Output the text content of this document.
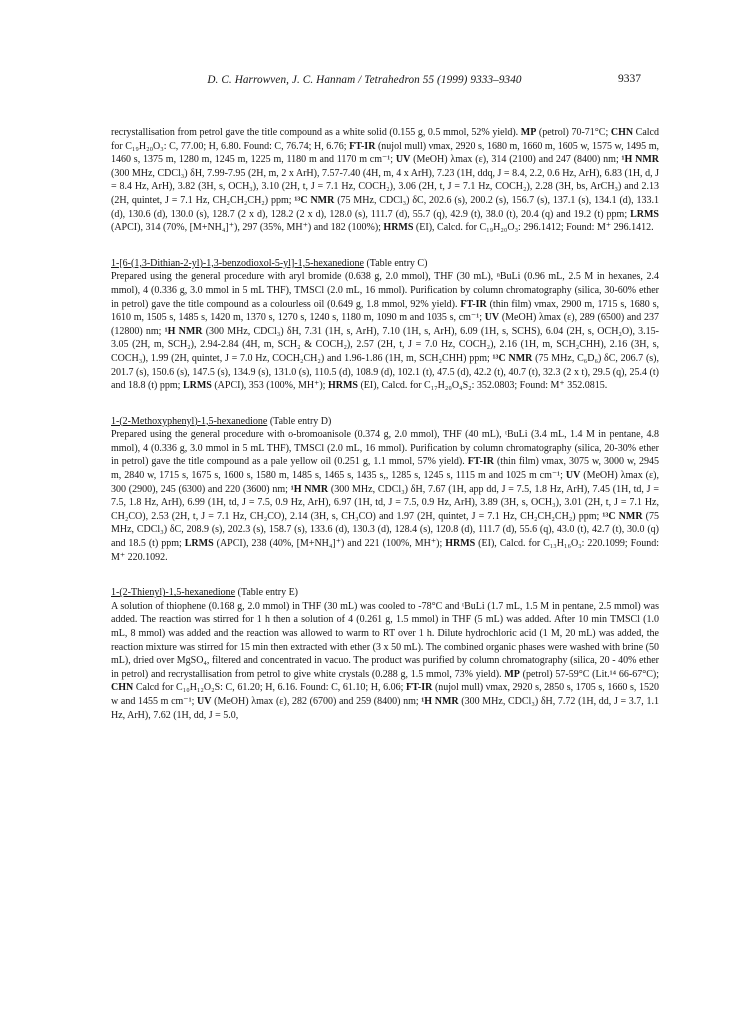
D. C. Harrowven, J. C. Hannam / Tetrahedron 55 (1999) 9333–9340	9337

recrystallisation from petrol gave the title compound as a white solid (0.155 g, 0.5 mmol, 52% yield). MP (petrol) 70-71°C; CHN Calcd for C₁₉H₂₀O₃: C, 77.00; H, 6.80. Found: C, 76.74; H, 6.76; FT-IR (nujol mull) νmax, 2920 s, 1680 m, 1660 m, 1605 w, 1575 w, 1495 m, 1460 s, 1375 m, 1280 m, 1245 m, 1225 m, 1180 m and 1170 m cm⁻¹; UV (MeOH) λmax (ε), 314 (2100) and 247 (8400) nm; ¹H NMR (300 MHz, CDCl₃) δH, 7.99-7.95 (2H, m, 2 x ArH), 7.57-7.40 (4H, m, 4 x ArH), 7.23 (1H, ddq, J = 8.4, 2.2, 0.6 Hz, ArH), 6.83 (1H, d, J = 8.4 Hz, ArH), 3.82 (3H, s, OCH₃), 3.10 (2H, t, J = 7.1 Hz, COCH₂), 3.06 (2H, t, J = 7.1 Hz, COCH₂), 2.28 (3H, bs, ArCH₃) and 2.13 (2H, quintet, J = 7.1 Hz, CH₂CH₂CH₂) ppm; ¹³C NMR (75 MHz, CDCl₃) δC, 202.6 (s), 200.2 (s), 156.7 (s), 137.1 (s), 134.1 (d), 133.1 (d), 130.6 (d), 130.0 (s), 128.7 (2 x d), 128.2 (2 x d), 128.0 (s), 111.7 (d), 55.7 (q), 42.9 (t), 38.0 (t), 20.4 (q) and 19.2 (t) ppm; LRMS (APCI), 314 (70%, [M+NH₄]⁺), 297 (35%, MH⁺) and 182 (100%); HRMS (EI), Calcd. for C₁₉H₂₀O₃: 296.1412; Found: M⁺ 296.1412.

1-[6-(1,3-Dithian-2-yl)-1,3-benzodioxol-5-yl]-1,5-hexanedione (Table entry C)

Prepared using the general procedure with aryl bromide (0.638 g, 2.0 mmol), THF (30 mL), ⁿBuLi (0.96 mL, 2.5 M in hexanes, 2.4 mmol), 4 (0.336 g, 3.0 mmol in 5 mL THF), TMSCl (2.0 mL, 16 mmol). Purification by column chromatography (silica, 30-60% ether in petrol) gave the title compound as a colourless oil (0.649 g, 1.8 mmol, 92% yield). FT-IR (thin film) νmax, 2900 m, 1715 s, 1680 s, 1610 m, 1505 s, 1485 s, 1420 m, 1370 s, 1270 s, 1240 s, 1180 m, 1090 m and 1035 s, cm⁻¹; UV (MeOH) λmax (ε), 289 (6500) and 237 (12800) nm; ¹H NMR (300 MHz, CDCl₃) δH, 7.31 (1H, s, ArH), 7.10 (1H, s, ArH), 6.09 (1H, s, SCHS), 6.04 (2H, s, OCH₂O), 3.15-3.05 (2H, m, SCH₂), 2.94-2.84 (4H, m, SCH₂ & COCH₂), 2.57 (2H, t, J = 7.0 Hz, COCH₂), 2.16 (1H, m, SCH₂CHH), 2.16 (3H, s, COCH₃), 1.99 (2H, quintet, J = 7.0 Hz, COCH₂CH₂) and 1.96-1.86 (1H, m, SCH₂CHH) ppm; ¹³C NMR (75 MHz, C₆D₆) δC, 206.7 (s), 201.7 (s), 150.6 (s), 147.5 (s), 134.9 (s), 131.0 (s), 110.5 (d), 108.9 (d), 102.1 (t), 47.5 (d), 42.2 (t), 40.7 (t), 32.3 (2 x t), 29.5 (q), 25.4 (t) and 18.8 (t) ppm; LRMS (APCI), 353 (100%, MH⁺); HRMS (EI), Calcd. for C₁₇H₂₀O₄S₂: 352.0803; Found: M⁺ 352.0815.

1-(2-Methoxyphenyl)-1,5-hexanedione (Table entry D)

Prepared using the general procedure with o-bromoanisole (0.374 g, 2.0 mmol), THF (40 mL), ᵗBuLi (3.4 mL, 1.4 M in pentane, 4.8 mmol), 4 (0.336 g, 3.0 mmol in 5 mL THF), TMSCl (2.0 mL, 16 mmol). Purification by column chromatography (silica, 20-30% ether in petrol) gave the title compound as a pale yellow oil (0.251 g, 1.1 mmol, 57% yield). FT-IR (thin film) νmax, 3075 w, 3000 w, 2945 m, 2840 w, 1715 s, 1675 s, 1600 s, 1580 m, 1485 s, 1465 s, 1435 s,, 1285 s, 1245 s, 1115 m and 1025 m cm⁻¹; UV (MeOH) λmax (ε), 300 (2900), 245 (6300) and 220 (3600) nm; ¹H NMR (300 MHz, CDCl₃) δH, 7.67 (1H, app dd, J = 7.5, 1.8 Hz, ArH), 7.45 (1H, td, J = 7.5, 1.8 Hz, ArH), 6.99 (1H, td, J = 7.5, 0.9 Hz, ArH), 6.97 (1H, td, J = 7.5, 0.9 Hz, ArH), 3.89 (3H, s, OCH₃), 3.01 (2H, t, J = 7.1 Hz, CH₂CO), 2.53 (2H, t, J = 7.1 Hz, CH₂CO), 2.14 (3H, s, CH₃CO) and 1.97 (2H, quintet, J = 7.1 Hz, CH₂CH₂CH₂) ppm; ¹³C NMR (75 MHz, CDCl₃) δC, 208.9 (s), 202.3 (s), 158.7 (s), 133.6 (d), 130.3 (d), 128.4 (s), 120.8 (d), 111.7 (d), 55.6 (q), 43.0 (t), 42.7 (t), 30.0 (q) and 18.5 (t) ppm; LRMS (APCI), 238 (40%, [M+NH₄]⁺) and 221 (100%, MH⁺); HRMS (EI), Calcd. for C₁₃H₁₆O₃: 220.1099; Found: M⁺ 220.1092.

1-(2-Thienyl)-1,5-hexanedione (Table entry E)

A solution of thiophene (0.168 g, 2.0 mmol) in THF (30 mL) was cooled to -78°C and ᵗBuLi (1.7 mL, 1.5 M in pentane, 2.5 mmol) was added. The reaction was stirred for 1 h then a solution of 4 (0.261 g, 1.5 mmol) in THF (5 mL) was added. After 10 min TMSCl (1.0 mL, 8 mmol) was added and the reaction was allowed to warm to RT over 1 h. Dilute hydrochloric acid (1 M, 20 mL) was added, the reaction mixture was stirred for 15 min then extracted with ether (3 x 50 mL). The combined organic phases were washed with brine (50 mL), dried over MgSO₄, filtered and concentrated in vacuo. The product was purified by column chromatography (silica, 20 - 40% ether in petrol) and recrystallisation from petrol to give white crystals (0.288 g, 1.5 mmol, 73% yield). MP (petrol) 57-59°C (Lit.¹⁴ 66-67°C); CHN Calcd for C₁₀H₁₂O₂S: C, 61.20; H, 6.16. Found: C, 61.10; H, 6.06; FT-IR (nujol mull) νmax, 2920 s, 2850 s, 1705 s, 1660 s, 1520 w and 1455 m cm⁻¹; UV (MeOH) λmax (ε), 282 (6700) and 259 (8400) nm; ¹H NMR (300 MHz, CDCl₃) δH, 7.72 (1H, dd, J = 3.7, 1.1 Hz, ArH), 7.62 (1H, dd, J = 5.0,
